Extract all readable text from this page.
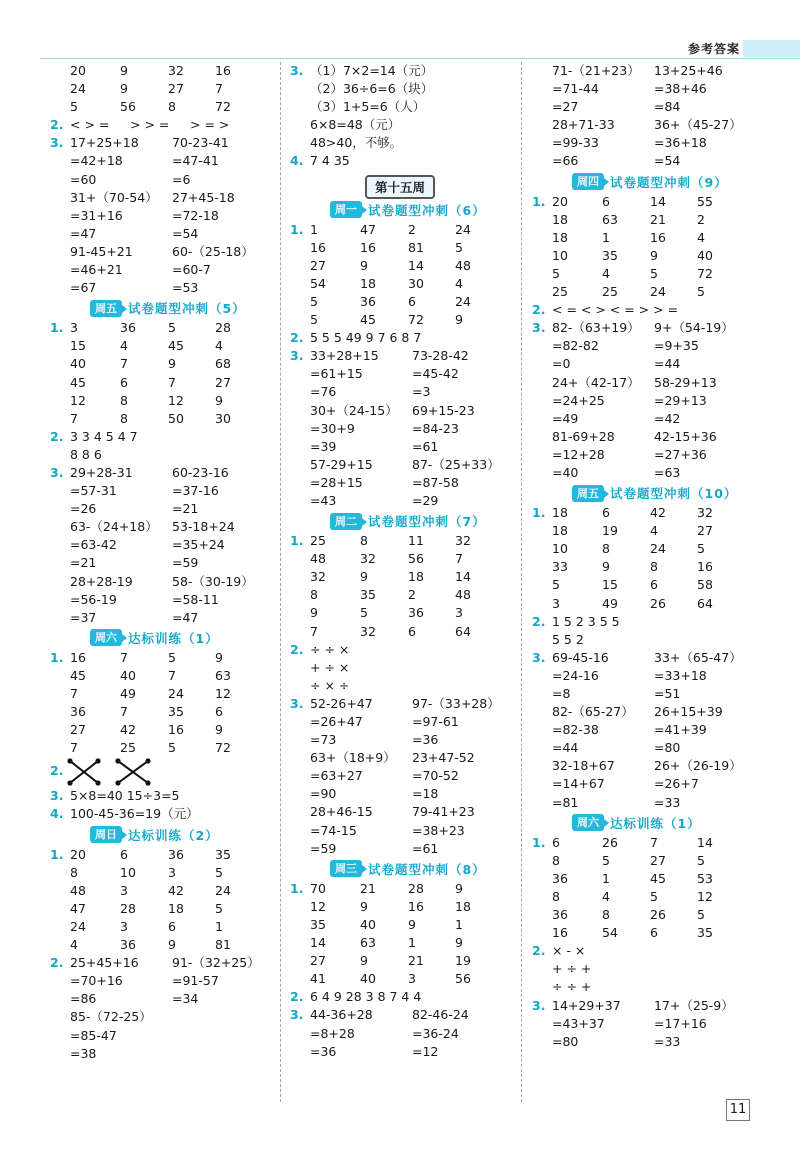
参考答案
20	9	32 16
24	9	27 7
5	56	8	72
2. < > = > > = > = >
3. 17+25+18	70-23-41
=42+18	=47-41
=60	=6
31+（70-54） 27+45-18
=31+16	=72-18
=47	=54
91-45+21	60-（25-18）
=46+21	=60-7
=67	=53
周五 试卷题型冲刺（5）
1. 3	36	5	28
15	4	45 4
40	7	9	68
45	6	7	27
12	8	12 9
7	8	50 30
2. 3 3 4 5 4 7
8 8 6
3. 29+28-31	60-23-16
=57-31	=37-16
=26	=21
63-（24+18） 53-18+24
=63-42	=35+24
=21	=59
28+28-19	58-（30-19）
=56-19	=58-11
=37	=47
周六 达标训练（1）
1. 16	7	5	9
45	40	7	63
7	49	24 12
36	7	35 6
27	42	16 9
7	25	5	72
2.
3. 5×8=40 15÷3=5
4. 100-45-36=19（元）
周日 达标训练（2）
1. 20	6	36 35
8	10	3	5
48	3	42 24
47	28	18 5
24	3	6	1
4	36	9	81
2. 25+45+16	91-（32+25）
=70+16	=91-57
=86	=34
85-（72-25）
=85-47
=38
3. （1）7×2=14（元）
（2）36÷6=6（块）
（3）1+5=6（人）
6×8=48（元）
48>40，不够。
4. 7 4 35
第十五周
周一 试卷题型冲刺（6）
1. 1	47	2	24
16	16	81 5
27	9	14 48
54	18	30 4
5	36	6	24
5	45	72 9
2. 5 5 5 49 9 7 6 8 7
3. 33+28+15	73-28-42
=61+15	=45-42
=76	=3
30+（24-15） 69+15-23
=30+9	=84-23
=39	=61
57-29+15	87-（25+33）
=28+15	=87-58
=43	=29
周二 试卷题型冲刺（7）
1. 25	8	11 32
48	32	56 7
32	9	18 14
8	35	2	48
9	5	36 3
7	32	6	64
2. ÷ ÷ ×
+ ÷ ×
÷ × ÷
3. 52-26+47	97-（33+28）
=26+47	=97-61
=73	=36
63+（18+9） 23+47-52
=63+27	=70-52
=90	=18
28+46-15	79-41+23
=74-15	=38+23
=59	=61
周三 试卷题型冲刺（8）
1. 70	21	28 9
12	9	16 18
35	40	9	1
14	63	1	9
27	9	21 19
41	40	3	56
2. 6 4 9 28 3 8 7 4 4
3. 44-36+28	82-46-24
=8+28	=36-24
=36	=12
71-（21+23） 13+25+46
=71-44	=38+46
=27	=84
28+71-33	36+（45-27）
=99-33	=36+18
=66	=54
周四 试卷题型冲刺（9）
1. 20	6	14 55
18	63	21 2
18	1	16 4
10	35	9	40
5	4	5	72
25	25	24 5
2. < = < > < = > > =
3. 82-（63+19） 9+（54-19）
=82-82	=9+35
=0	=44
24+（42-17） 58-29+13
=24+25	=29+13
=49	=42
81-69+28	42-15+36
=12+28	=27+36
=40	=63
周五 试卷题型冲刺（10）
1. 18	6	42 32
18	19	4	27
10	8	24 5
33	9	8	16
5	15	6	58
3	49	26 64
2. 1 5 2 3 5 5
5 5 2
3. 69-45-16	33+（65-47）
=24-16	=33+18
=8	=51
82-（65-27） 26+15+39
=82-38	=41+39
=44	=80
32-18+67	26+（26-19）
=14+67	=26+7
=81	=33
周六 达标训练（1）
1. 6	26	7	14
8	5	27 5
36	1	45 53
8	4	5	12
36	8	26 5
16	54	6	35
2. × - ×
+ ÷ +
÷ ÷ +
3. 14+29+37	17+（25-9）
=43+37	=17+16
=80	=33
11
